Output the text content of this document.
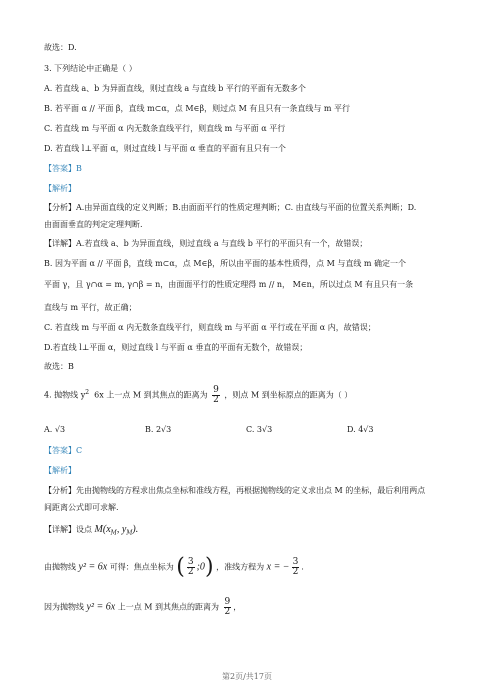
故选：D.
3. 下列结论中正确是（ ）
A. 若直线 a、b 为异面直线，则过直线 a 与直线 b 平行的平面有无数多个
B. 若平面 α // 平面 β，直线 m⊂α，点 M∈β，则过点 M 有且只有一条直线与 m 平行
C. 若直线 m 与平面 α 内无数条直线平行，则直线 m 与平面 α 平行
D. 若直线 l⊥平面 α，则过直线 l 与平面 α 垂直的平面有且只有一个
【答案】B
【解析】
【分析】A.由异面直线的定义判断；B.由面面平行的性质定理判断；C. 由直线与平面的位置关系判断；D.
由面面垂直的判定定理判断.
【详解】A.若直线 a、b 为异面直线，则过直线 a 与直线 b 平行的平面只有一个，故错误；
B. 因为平面 α // 平面 β，直线 m⊂α，点 M∈β，所以由平面的基本性质得，点 M 与直线 m 确定一个
平面 γ，且 γ∩α = m, γ∩β = n，由面面平行的性质定理得 m // n， M∈n，所以过点 M 有且只有一条
直线与 m 平行，故正确；
C. 若直线 m 与平面 α 内无数条直线平行，则直线 m 与平面 α 平行或在平面 α 内，故错误；
D.若直线 l⊥平面 α，则过直线 l 与平面 α 垂直的平面有无数个，故错误；
故选：B
4. 抛物线 $y^2$ 6x 上一点 M 到其焦点的距离为 $\frac{9}{2}$ ，则点 M 到坐标原点的距离为（ ）
A. √3	B. 2√3	C. 3√3	D. 4√3
【答案】C
【解析】
【分析】先由抛物线的方程求出焦点坐标和准线方程，再根据抛物线的定义求出点 M 的坐标，最后利用两点
间距离公式即可求解.
【详解】设点 $M(x_M$, $y_M$).
由抛物线 y² = 6x 可得：焦点坐标为 ( $\frac{3}{2}$ ;0) ，准线方程为 x = − $\frac{3}{2}$ .
因为抛物线 y² = 6x 上一点 M 到其焦点的距离为 $\frac{9}{2}$ ，
第2页/共17页
